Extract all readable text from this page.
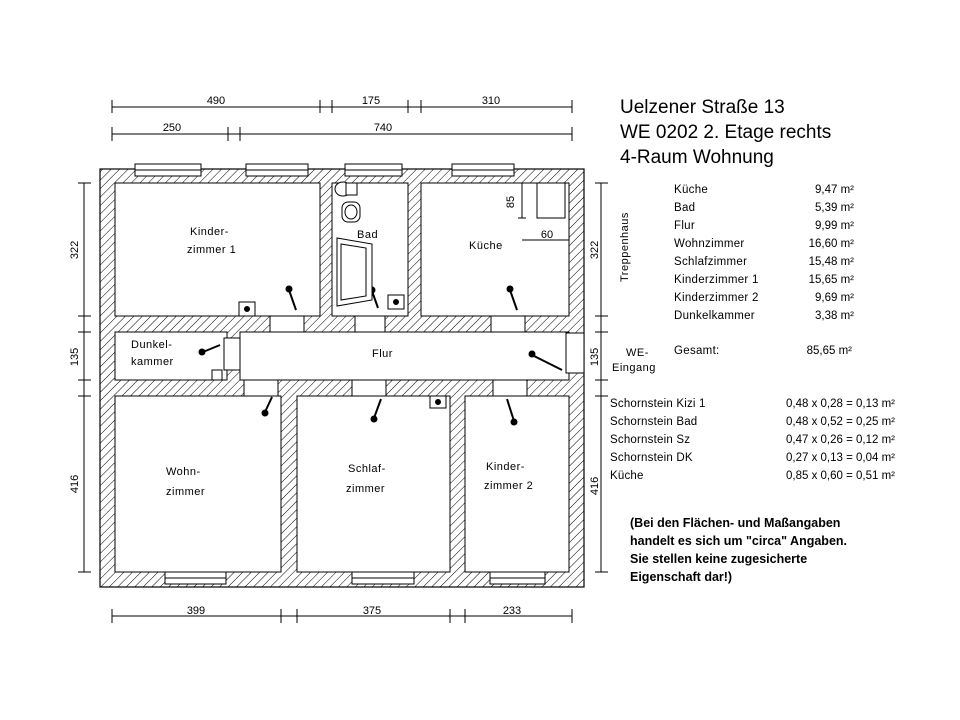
490	175	310
250	740
399	375	233
322
135
416
322
135
416
85
60
Kinder-zimmer 1
Bad
Küche
Dunkel-kammer
Flur
Wohn-zimmer
Schlaf-zimmer
Kinder-zimmer 2
Treppenhaus
WE-Eingang
Uelzener Straße 13
WE 0202 2. Etage rechts
4-Raum Wohnung
Küche	9,47 m²
Bad	5,39 m²
Flur	9,99 m²
Wohnzimmer	16,60 m²
Schlafzimmer	15,48 m²
Kinderzimmer 1	15,65 m²
Kinderzimmer 2	9,69 m²
Dunkelkammer	3,38 m²
Gesamt:	85,65 m²
Schornstein Kizi 1	0,48 x 0,28 = 0,13 m²
Schornstein Bad	0,48 x 0,52 = 0,25 m²
Schornstein Sz	0,47 x 0,26 = 0,12 m²
Schornstein DK	0,27 x 0,13 = 0,04 m²
Küche	0,85 x 0,60 = 0,51 m²
(Bei den Flächen- und Maßangaben
handelt es sich um "circa" Angaben.
Sie stellen keine zugesicherte
Eigenschaft dar!)
